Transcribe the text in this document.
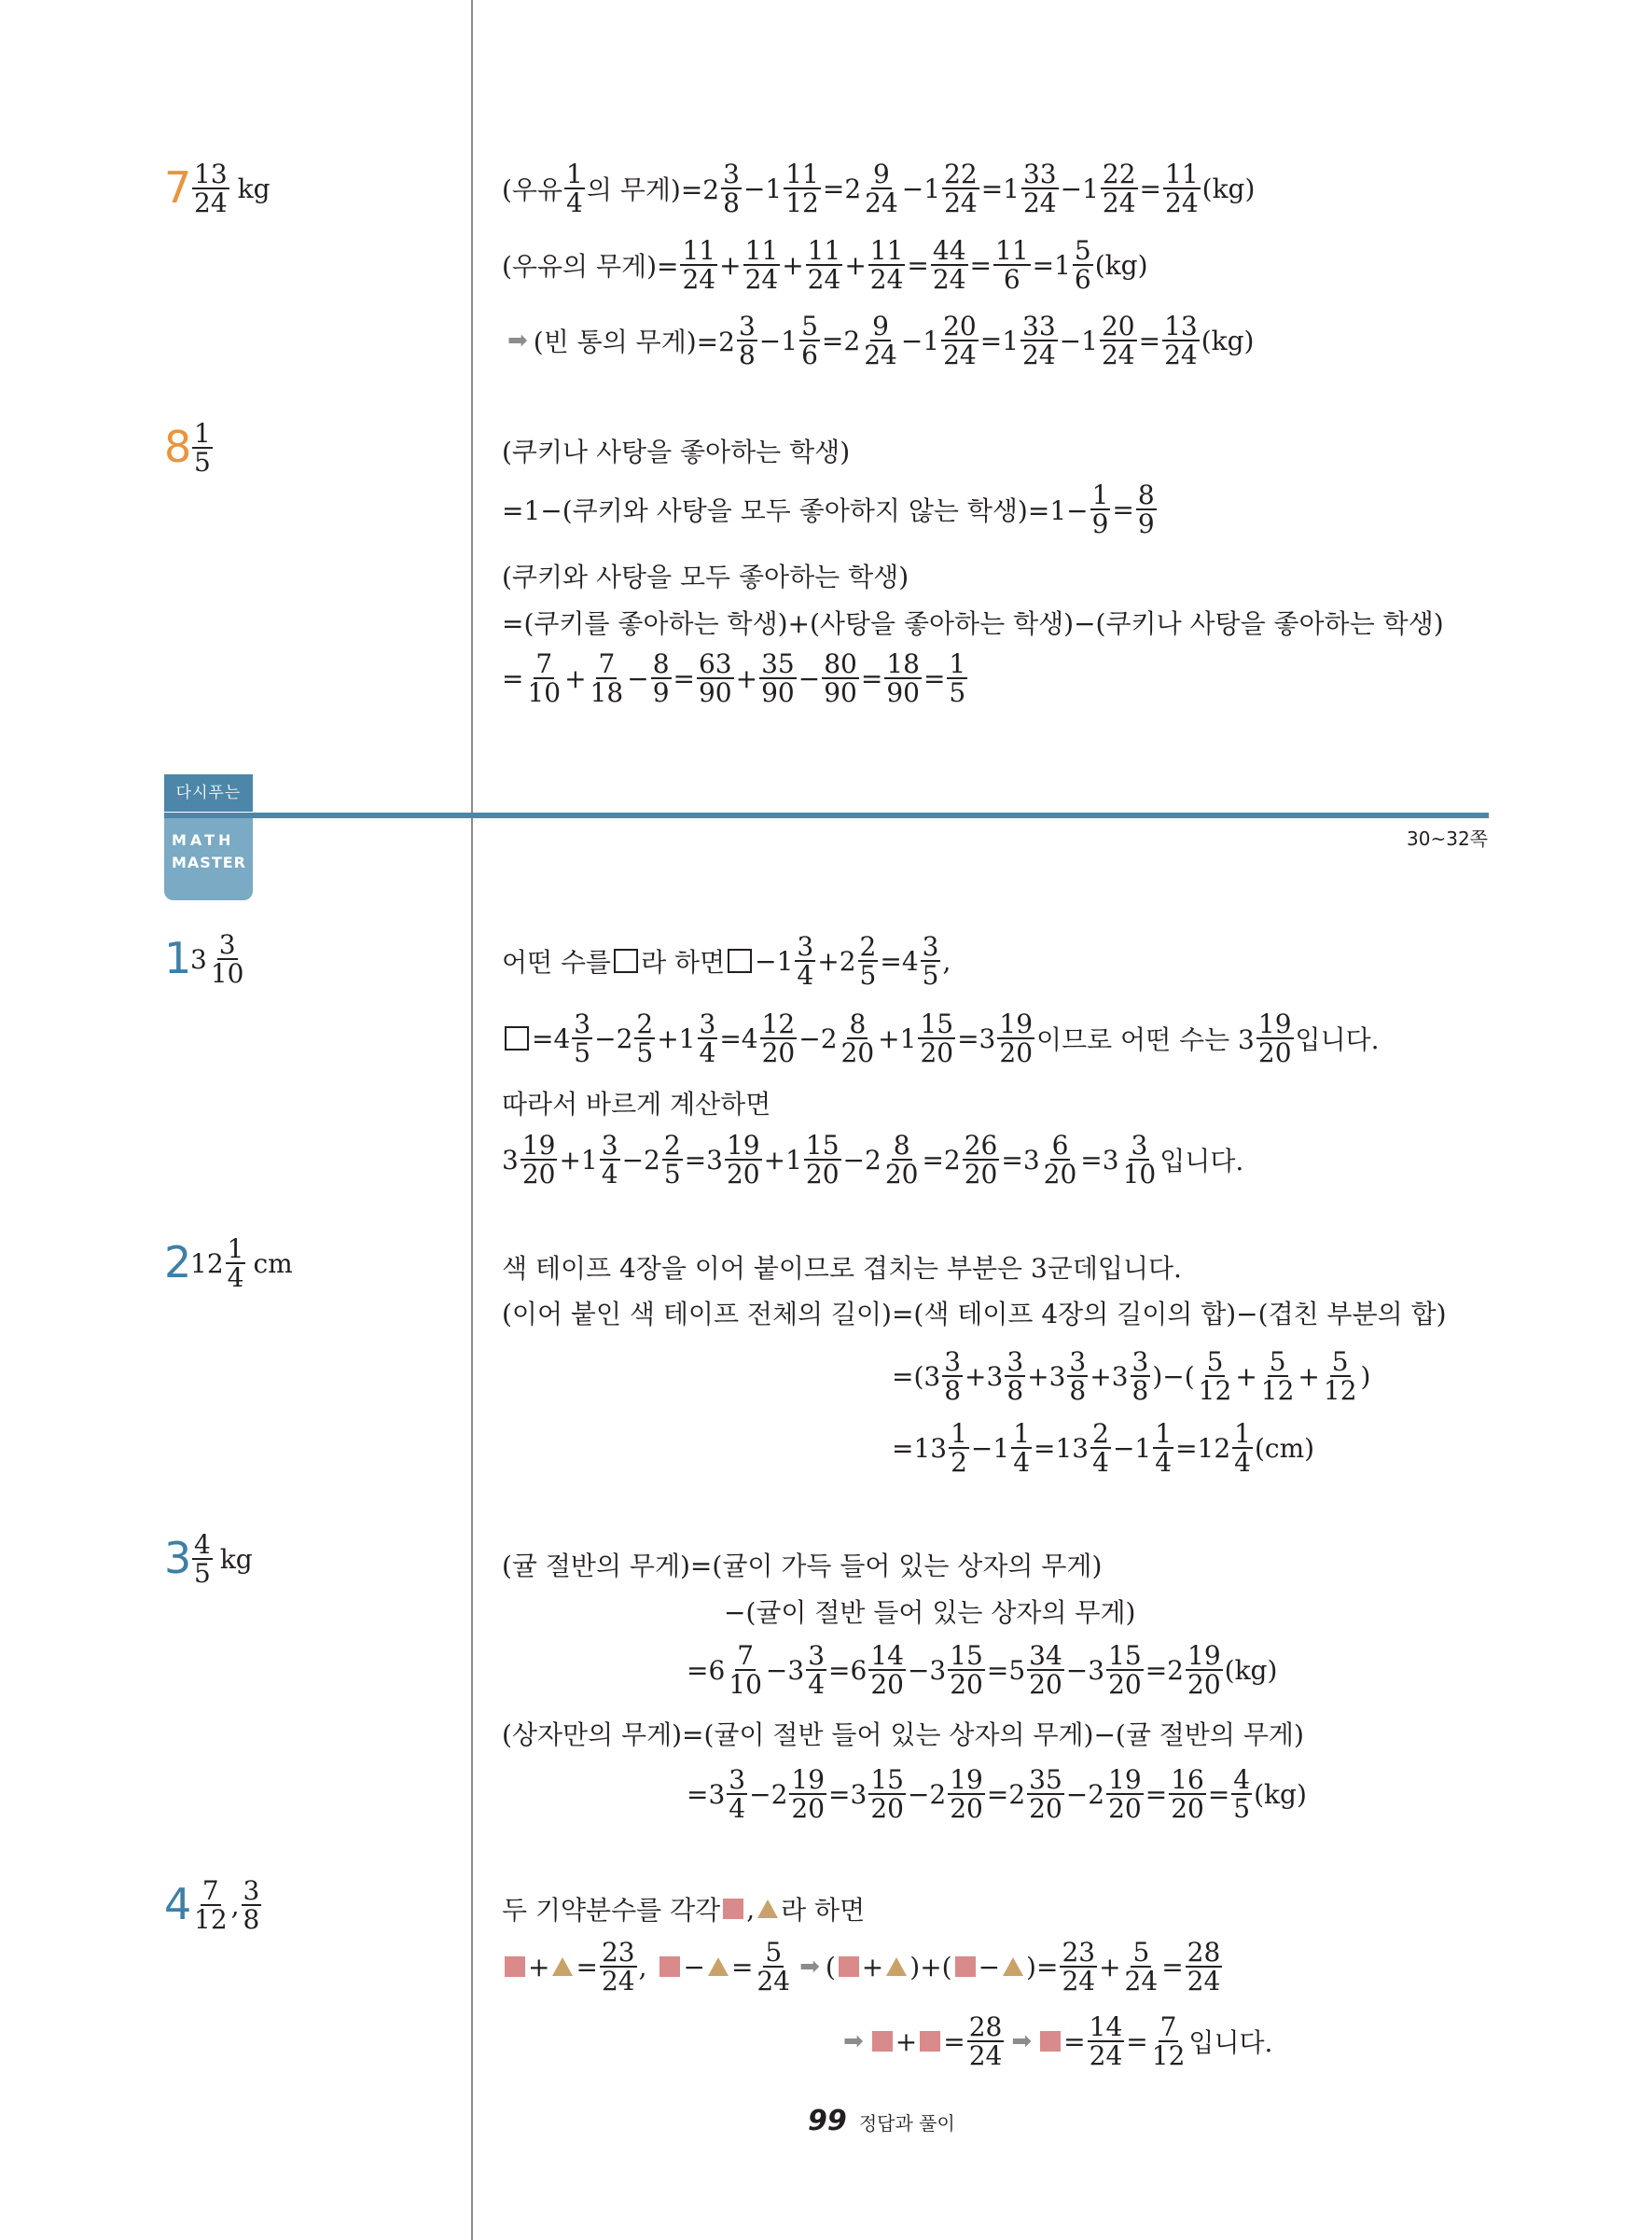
$7 \frac{13}{24}$ kg	(우유 $\frac{1}{4}$ 의 무게)$=2 \frac{3}{8} -1 \frac{11}{12} =2 \frac{9}{24} -1 \frac{22}{24} =1 \frac{33}{24} -1 \frac{22}{24} = \frac{11}{24} (kg)$
(우유의 무게)= $\frac{11}{24} + \frac{11}{24} + \frac{11}{24} + \frac{11}{24} = \frac{44}{24} = \frac{11}{6} =1 \frac{5}{6} (kg)$
➡ (빈 통의 무게)$=2 \frac{3}{8} -1 \frac{5}{6} =2 \frac{9}{24} -1 \frac{20}{24} =1 \frac{33}{24} -1 \frac{20}{24} = \frac{13}{24} (kg)$
$8 \frac{1}{5}$	(쿠키나 사탕을 좋아하는 학생)
=1−(쿠키와 사탕을 모두 좋아하지 않는 학생)$=1- \frac{1}{9} = \frac{8}{9}$
(쿠키와 사탕을 모두 좋아하는 학생)
=(쿠키를 좋아하는 학생)+(사탕을 좋아하는 학생)−(쿠키나 사탕을 좋아하는 학생)
= $\frac{7}{10} + \frac{7}{18} - \frac{8}{9} = \frac{63}{90} + \frac{35}{90} - \frac{80}{90} = \frac{18}{90} = \frac{1}{5}$
다시푸는
MATH
MASTER
30~32쪽
1
$3 \frac{3}{10}$	어떤 수를 라 하면 $-1 \frac{3}{4} +2 \frac{2}{5} =4 \frac{3}{5}$ ,
$=4 \frac{3}{5} -2 \frac{2}{5} +1 \frac{3}{4} =4 \frac{12}{20} -2 \frac{8}{20} +1 \frac{15}{20} =3 \frac{19}{20}$ 이므로 어떤 수는 $3 \frac{19}{20}$ 입니다.
따라서 바르게 계산하면
$3 \frac{19}{20} +1 \frac{3}{4} -2 \frac{2}{5} =3 \frac{19}{20} +1 \frac{15}{20} -2 \frac{8}{20} =2 \frac{26}{20} =3 \frac{6}{20} =3 \frac{3}{10}$ 입니다.
2
$12 \frac{1}{4}$ cm	색 테이프 4장을 이어 붙이므로 겹치는 부분은 3군데입니다.
(이어 붙인 색 테이프 전체의 길이)=(색 테이프 4장의 길이의 합)−(겹친 부분의 합)
$=(3 \frac{3}{8} +3 \frac{3}{8} +3 \frac{3}{8} +3 \frac{3}{8}$ )−( $\frac{5}{12} + \frac{5}{12} + \frac{5}{12}$ )
$=13 \frac{1}{2} -1 \frac{1}{4} =13 \frac{2}{4} -1 \frac{1}{4} =12 \frac{1}{4} (cm)$
$3 \frac{4}{5}$ kg	(귤 절반의 무게)=(귤이 가득 들어 있는 상자의 무게)
−(귤이 절반 들어 있는 상자의 무게)
$=6 \frac{7}{10} -3 \frac{3}{4} =6 \frac{14}{20} -3 \frac{15}{20} =5 \frac{34}{20} -3 \frac{15}{20} =2 \frac{19}{20} (kg)$
(상자만의 무게)=(귤이 절반 들어 있는 상자의 무게)−(귤 절반의 무게)
$=3 \frac{3}{4} -2 \frac{19}{20} =3 \frac{15}{20} -2 \frac{19}{20} =2 \frac{35}{20} -2 \frac{19}{20} = \frac{16}{20} = \frac{4}{5} (kg)$
$4 \frac{7}{12}$ , $\frac{3}{8}$	두 기약분수를 각각 , 라 하면
+
= $\frac{23}{24}$ ,
−
= $\frac{5}{24}$ ➡ (
+
)+(
−
)= $\frac{23}{24} + \frac{5}{24} = \frac{28}{24}$
➡ +
= $\frac{28}{24}$ ➡ = $\frac{14}{24} = \frac{7}{12}$ 입니다.
99 정답과 풀이
